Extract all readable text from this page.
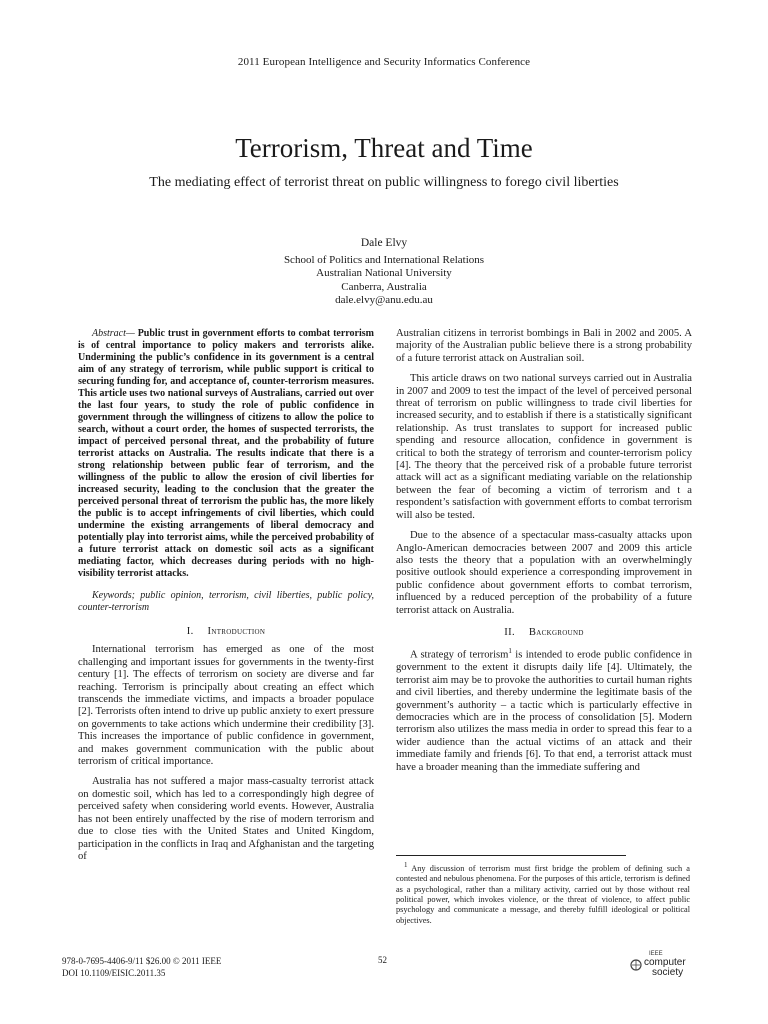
2011 European Intelligence and Security Informatics Conference
Terrorism, Threat and Time
The mediating effect of terrorist threat on public willingness to forego civil liberties
Dale Elvy
School of Politics and International Relations
Australian National University
Canberra, Australia
dale.elvy@anu.edu.au
Abstract— Public trust in government efforts to combat terrorism is of central importance to policy makers and terrorists alike. Undermining the public’s confidence in its government is a central aim of any strategy of terrorism, while public support is critical to securing funding for, and acceptance of, counter-terrorism measures. This article uses two national surveys of Australians, carried out over the last four years, to study the role of public confidence in government through the willingness of citizens to allow the police to search, without a court order, the homes of suspected terrorists, the impact of perceived personal threat, and the probability of future terrorist attacks on Australia. The results indicate that there is a strong relationship between public fear of terrorism, and the willingness of the public to allow the erosion of civil liberties for increased security, leading to the conclusion that the greater the perceived personal threat of terrorism the public has, the more likely the public is to accept infringements of civil liberties, which could undermine the existing arrangements of liberal democracy and potentially play into terrorist aims, while the perceived probability of a future terrorist attack on domestic soil acts as a significant mediating factor, which decreases during periods with no high-visibility terrorist attacks.
Keywords; public opinion, terrorism, civil liberties, public policy, counter-terrorism
I. Introduction

International terrorism has emerged as one of the most challenging and important issues for governments in the twenty-first century [1]. The effects of terrorism on society are diverse and far reaching. Terrorism is principally about creating an effect which transcends the immediate victims, and impacts a broader populace [2]. Terrorists often intend to drive up public anxiety to exert pressure on governments to take actions which undermine their credibility [3]. This increases the importance of public confidence in government, and makes government communication with the public about terrorism of critical importance.

Australia has not suffered a major mass-casualty terrorist attack on domestic soil, which has led to a correspondingly high degree of perceived safety when considering world events. However, Australia has not been entirely unaffected by the rise of modern terrorism and due to close ties with the United States and United Kingdom, participation in the conflicts in Iraq and Afghanistan and the targeting of

Australian citizens in terrorist bombings in Bali in 2002 and 2005. A majority of the Australian public believe there is a strong probability of a future terrorist attack on Australian soil.

This article draws on two national surveys carried out in Australia in 2007 and 2009 to test the impact of the level of perceived personal threat of terrorism on public willingness to trade civil liberties for increased security, and to establish if there is a statistically significant relationship. As trust translates to support for increased public spending and resource allocation, confidence in government is critical to both the strategy of terrorism and counter-terrorism policy [4]. The theory that the perceived risk of a probable future terrorist attack will act as a significant mediating variable on the relationship between the fear of becoming a victim of terrorism and t a respondent’s satisfaction with government efforts to combat terrorism will also be tested.

Due to the absence of a spectacular mass-casualty attacks upon Anglo-American democracies between 2007 and 2009 this article also tests the theory that a population with an overwhelmingly positive outlook should experience a corresponding improvement in public confidence about government efforts to combat terrorism, influenced by a reduced perception of the probability of a future terrorist attack on Australia.

II. Background

A strategy of terrorism$^1$ is intended to erode public confidence in government to the extent it disrupts daily life [4]. Ultimately, the terrorist aim may be to provoke the authorities to curtail human rights and civil liberties, and thereby undermine the legitimate basis of the government’s authority – a tactic which is particularly effective in democracies which are in the process of consolidation [5]. Modern terrorism also utilizes the mass media in order to spread this fear to a wider audience than the actual victims of an attack and their immediate family and friends [6]. To that end, a terrorist attack must have a broader meaning than the immediate suffering and

$^1$ Any discussion of terrorism must first bridge the problem of defining such a contested and nebulous phenomena. For the purposes of this article, terrorism is defined as a psychological, rather than a military activity, carried out by those without real political power, which invokes violence, or the threat of violence, to affect public psychology and communicate a message, and thereby fulfill ideological or political objectives.
978-0-7695-4406-9/11 $26.00 © 2011 IEEE
DOI 10.1109/EISIC.2011.35
52
IEEE
computer
society
